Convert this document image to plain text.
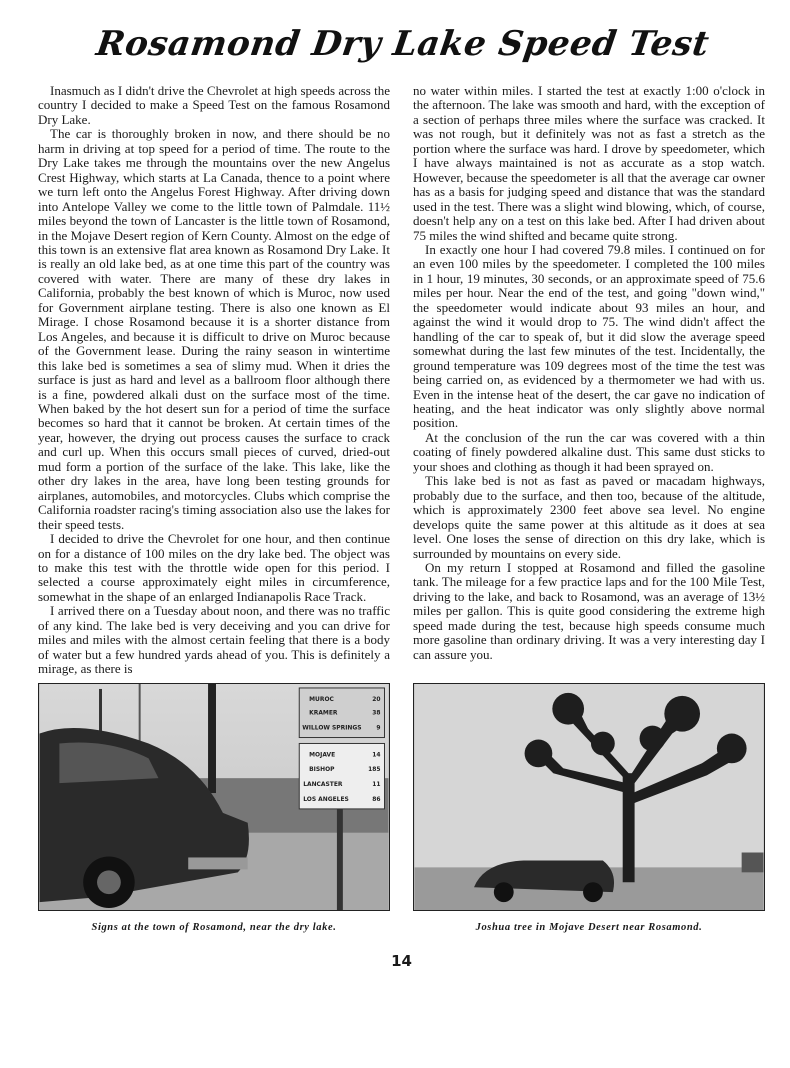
Rosamond Dry Lake Speed Test

Inasmuch as I didn't drive the Chevrolet at high speeds across the country I decided to make a Speed Test on the famous Rosamond Dry Lake.

The car is thoroughly broken in now, and there should be no harm in driving at top speed for a period of time. The route to the Dry Lake takes me through the mountains over the new Angelus Crest Highway, which starts at La Canada, thence to a point where we turn left onto the Angelus Forest Highway. After driving down into Antelope Valley we come to the little town of Palmdale. 11½ miles beyond the town of Lancaster is the little town of Rosamond, in the Mojave Desert region of Kern County. Almost on the edge of this town is an extensive flat area known as Rosamond Dry Lake. It is really an old lake bed, as at one time this part of the country was covered with water. There are many of these dry lakes in California, probably the best known of which is Muroc, now used for Government airplane testing. There is also one known as El Mirage. I chose Rosamond because it is a shorter distance from Los Angeles, and because it is difficult to drive on Muroc because of the Government lease. During the rainy season in wintertime this lake bed is sometimes a sea of slimy mud. When it dries the surface is just as hard and level as a ballroom floor although there is a fine, powdered alkali dust on the surface most of the time. When baked by the hot desert sun for a period of time the surface becomes so hard that it cannot be broken. At certain times of the year, however, the drying out process causes the surface to crack and curl up. When this occurs small pieces of curved, dried-out mud form a portion of the surface of the lake. This lake, like the other dry lakes in the area, have long been testing grounds for airplanes, automobiles, and motorcycles. Clubs which comprise the California roadster racing's timing association also use the lakes for their speed tests.

I decided to drive the Chevrolet for one hour, and then continue on for a distance of 100 miles on the dry lake bed. The object was to make this test with the throttle wide open for this period. I selected a course approximately eight miles in circumference, somewhat in the shape of an enlarged Indianapolis Race Track.

I arrived there on a Tuesday about noon, and there was no traffic of any kind. The lake bed is very deceiving and you can drive for miles and miles with the almost certain feeling that there is a body of water but a few hundred yards ahead of you. This is definitely a mirage, as there is

no water within miles. I started the test at exactly 1:00 o'clock in the afternoon. The lake was smooth and hard, with the exception of a section of perhaps three miles where the surface was cracked. It was not rough, but it definitely was not as fast a stretch as the portion where the surface was hard. I drove by speedometer, which I have always maintained is not as accurate as a stop watch. However, because the speedometer is all that the average car owner has as a basis for judging speed and distance that was the standard used in the test. There was a slight wind blowing, which, of course, doesn't help any on a test on this lake bed. After I had driven about 75 miles the wind shifted and became quite strong.

In exactly one hour I had covered 79.8 miles. I continued on for an even 100 miles by the speedometer. I completed the 100 miles in 1 hour, 19 minutes, 30 seconds, or an approximate speed of 75.6 miles per hour. Near the end of the test, and going "down wind," the speedometer would indicate about 93 miles an hour, and against the wind it would drop to 75. The wind didn't affect the handling of the car to speak of, but it did slow the average speed somewhat during the last few minutes of the test. Incidentally, the ground temperature was 109 degrees most of the time the test was being carried on, as evidenced by a thermometer we had with us. Even in the intense heat of the desert, the car gave no indication of heating, and the heat indicator was only slightly above normal position.

At the conclusion of the run the car was covered with a thin coating of finely powdered alkaline dust. This same dust sticks to your shoes and clothing as though it had been sprayed on.

This lake bed is not as fast as paved or macadam highways, probably due to the surface, and then too, because of the altitude, which is approximately 2300 feet above sea level. No engine develops quite the same power at this altitude as it does at sea level. One loses the sense of direction on this dry lake, which is surrounded by mountains on every side.

On my return I stopped at Rosamond and filled the gasoline tank. The mileage for a few practice laps and for the 100 Mile Test, driving to the lake, and back to Rosamond, was an average of 13½ miles per gallon. This is quite good considering the extreme high speed made during the test, because high speeds consume much more gasoline than ordinary driving. It was a very interesting day I can assure you.

MUROC	20
KRAMER	38
WILLOW SPRINGS 9
MOJAVE	14
BISHOP	185
LANCASTER	11
LOS ANGELES	86
Signs at the town of Rosamond, near the dry lake.	Joshua tree in Mojave Desert near Rosamond.
14
